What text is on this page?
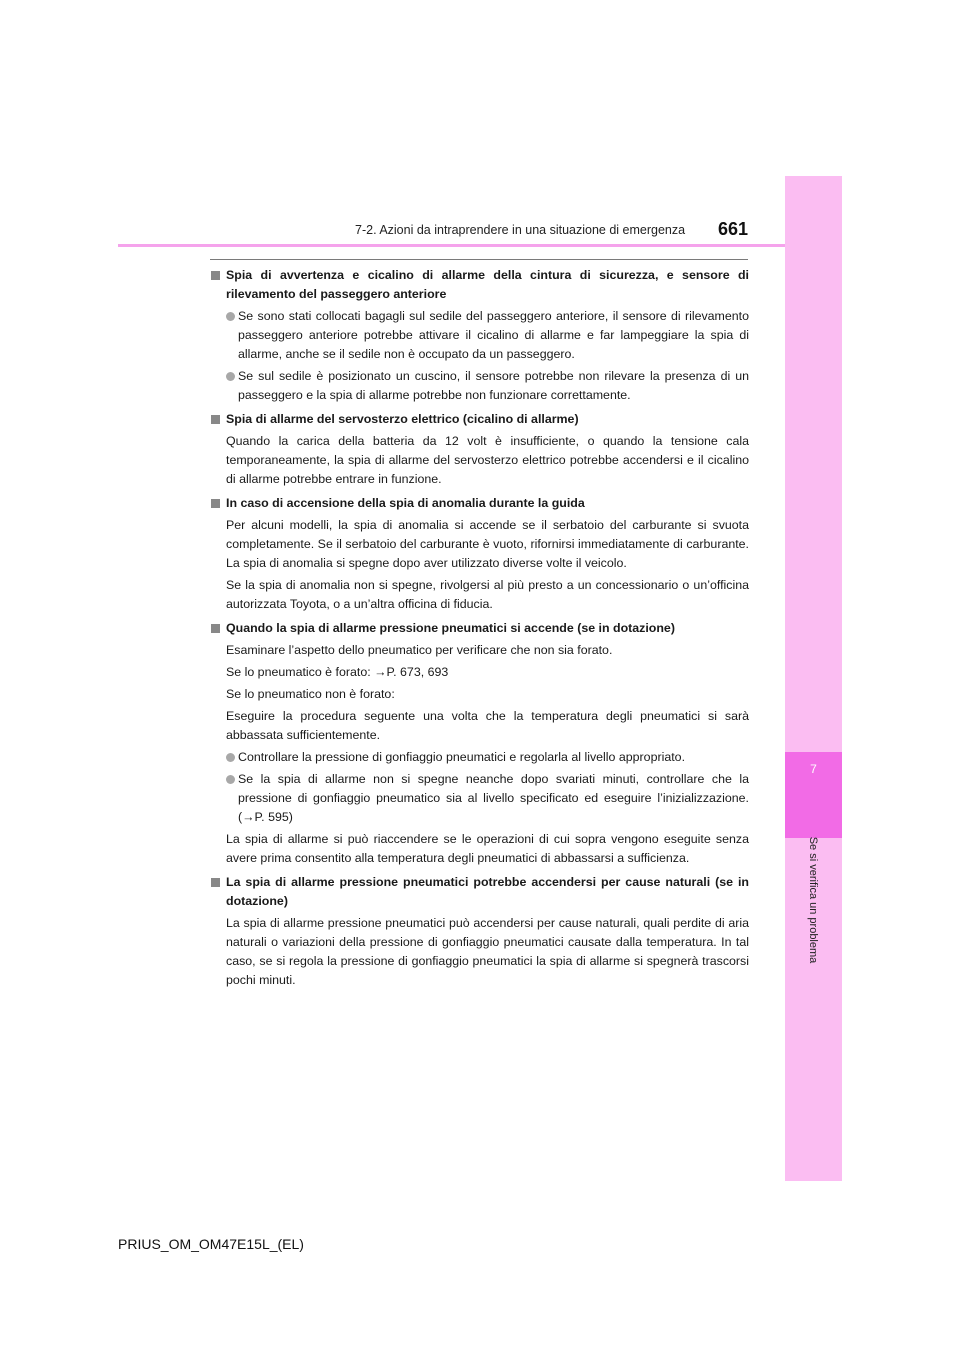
7
Se si verifica un problema
7-2. Azioni da intraprendere in una situazione di emergenza 661
Spia di avvertenza e cicalino di allarme della cintura di sicurezza, e sensore di rilevamento del passeggero anteriore
Se sono stati collocati bagagli sul sedile del passeggero anteriore, il sensore di rilevamento passeggero anteriore potrebbe attivare il cicalino di allarme e far lampeggiare la spia di allarme, anche se il sedile non è occupato da un passeggero.
Se sul sedile è posizionato un cuscino, il sensore potrebbe non rilevare la presenza di un passeggero e la spia di allarme potrebbe non funzionare correttamente.
Spia di allarme del servosterzo elettrico (cicalino di allarme)
Quando la carica della batteria da 12 volt è insufficiente, o quando la tensione cala temporaneamente, la spia di allarme del servosterzo elettrico potrebbe accendersi e il cicalino di allarme potrebbe entrare in funzione.
In caso di accensione della spia di anomalia durante la guida
Per alcuni modelli, la spia di anomalia si accende se il serbatoio del carburante si svuota completamente. Se il serbatoio del carburante è vuoto, rifornirsi immediatamente di carburante. La spia di anomalia si spegne dopo aver utilizzato diverse volte il veicolo.
Se la spia di anomalia non si spegne, rivolgersi al più presto a un concessionario o un’officina autorizzata Toyota, o a un’altra officina di fiducia.
Quando la spia di allarme pressione pneumatici si accende (se in dotazione)
Esaminare l’aspetto dello pneumatico per verificare che non sia forato.
Se lo pneumatico è forato: →P. 673, 693
Se lo pneumatico non è forato:
Eseguire la procedura seguente una volta che la temperatura degli pneumatici si sarà abbassata sufficientemente.
Controllare la pressione di gonfiaggio pneumatici e regolarla al livello appropriato.
Se la spia di allarme non si spegne neanche dopo svariati minuti, controllare che la pressione di gonfiaggio pneumatico sia al livello specificato ed eseguire l’inizializzazione. (→P. 595)
La spia di allarme si può riaccendere se le operazioni di cui sopra vengono eseguite senza avere prima consentito alla temperatura degli pneumatici di abbassarsi a sufficienza.
La spia di allarme pressione pneumatici potrebbe accendersi per cause naturali (se in dotazione)
La spia di allarme pressione pneumatici può accendersi per cause naturali, quali perdite di aria naturali o variazioni della pressione di gonfiaggio pneumatici causate dalla temperatura. In tal caso, se si regola la pressione di gonfiaggio pneumatici la spia di allarme si spegnerà trascorsi pochi minuti.
PRIUS_OM_OM47E15L_(EL)
